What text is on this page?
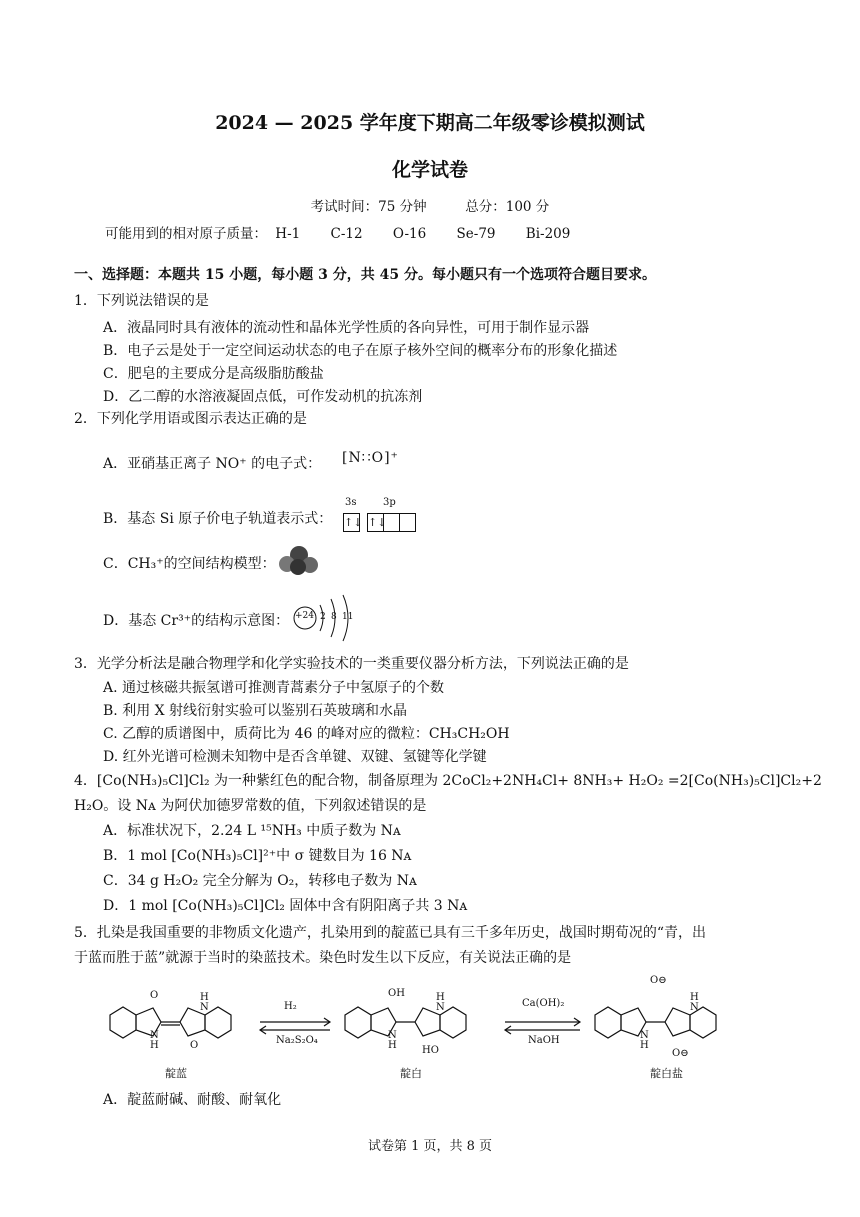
2024 — 2025 学年度下期高二年级零诊模拟测试
化学试卷
考试时间：75 分钟	总分：100 分
可能用到的相对原子质量： H-1 C-12 O-16 Se-79 Bi-209
一、选择题：本题共 15 小题，每小题 3 分，共 45 分。每小题只有一个选项符合题目要求。
1．下列说法错误的是
A．液晶同时具有液体的流动性和晶体光学性质的各向异性，可用于制作显示器
B．电子云是处于一定空间运动状态的电子在原子核外空间的概率分布的形象化描述
C．肥皂的主要成分是高级脂肪酸盐
D．乙二醇的水溶液凝固点低，可作发动机的抗冻剂
2．下列化学用语或图示表达正确的是
A．亚硝基正离子 NO⁺ 的电子式： [N∷O]⁺
B．基态 Si 原子价电子轨道表示式：
3s	3p
↑↓ ↑↓
C．CH₃⁺的空间结构模型：
D．基态 Cr³⁺的结构示意图： +24 2 8 11
3．光学分析法是融合物理学和化学实验技术的一类重要仪器分析方法，下列说法正确的是
A. 通过核磁共振氢谱可推测青蒿素分子中氢原子的个数
B. 利用 X 射线衍射实验可以鉴别石英玻璃和水晶
C. 乙醇的质谱图中，质荷比为 46 的峰对应的微粒：CH₃CH₂OH
D. 红外光谱可检测未知物中是否含单键、双键、氢键等化学键
4．[Co(NH₃)₅Cl]Cl₂ 为一种紫红色的配合物，制备原理为 2CoCl₂+2NH₄Cl+ 8NH₃+ H₂O₂ =2[Co(NH₃)₅Cl]Cl₂+2
H₂O。设 Nᴀ 为阿伏加德罗常数的值，下列叙述错误的是
A．标准状况下，2.24 L ¹⁵NH₃ 中质子数为 Nᴀ
B．1 mol [Co(NH₃)₅Cl]²⁺中 σ 键数目为 16 Nᴀ
C．34 g H₂O₂ 完全分解为 O₂，转移电子数为 Nᴀ
D．1 mol [Co(NH₃)₅Cl]Cl₂ 固体中含有阴阳离子共 3 Nᴀ
5．扎染是我国重要的非物质文化遗产，扎染用到的靛蓝已具有三千多年历史，战国时期荀况的“青，出
于蓝而胜于蓝”就源于当时的染蓝技术。染色时发生以下反应，有关说法正确的是
O
O
H
N
N
H
OH
HO
H
N
N
H
O⊖
O⊖
H
N
N
H
H₂
Na₂S₂O₄
Ca(OH)₂
NaOH
靛蓝	靛白	靛白盐
A．靛蓝耐碱、耐酸、耐氧化
试卷第 1 页，共 8 页
